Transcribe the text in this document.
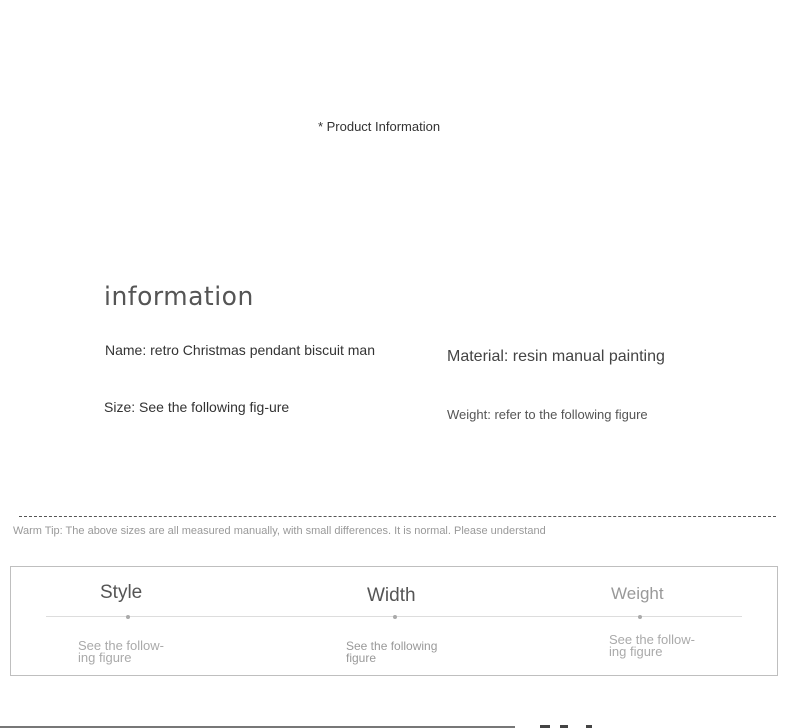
* Product Information
information
Name: retro Christmas pendant biscuit man	Material: resin manual painting
Size: See the following fig-ure	Weight: refer to the following figure
Warm Tip: The above sizes are all measured manually, with small differences. It is normal. Please understand
Style
See the follow-
ing figure
Width
See the following
figure
Weight
See the follow-
ing figure
